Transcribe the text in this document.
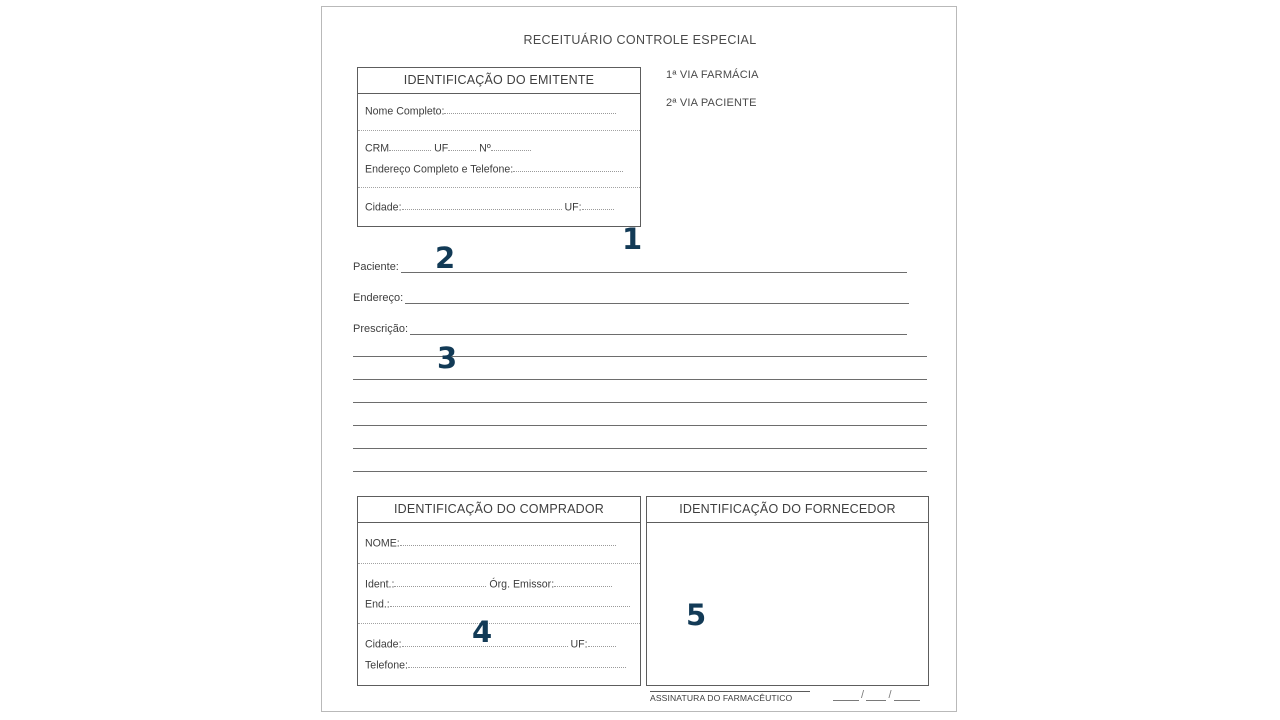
RECEITUÁRIO CONTROLE ESPECIAL
IDENTIFICAÇÃO DO EMITENTE
Nome Completo:
CRM	UF	Nº
Endereço Completo e Telefone:
Cidade:	UF:
1
1ª VIA FARMÁCIA
2ª VIA PACIENTE
Paciente:
Endereço:
Prescrição:
2
3
IDENTIFICAÇÃO DO COMPRADOR
NOME:
Ident.:	Órg. Emissor:
End.:
Cidade:	UF:
Telefone:
4
IDENTIFICAÇÃO DO FORNECEDOR
5
ASSINATURA DO FARMACÊUTICO	/ /
